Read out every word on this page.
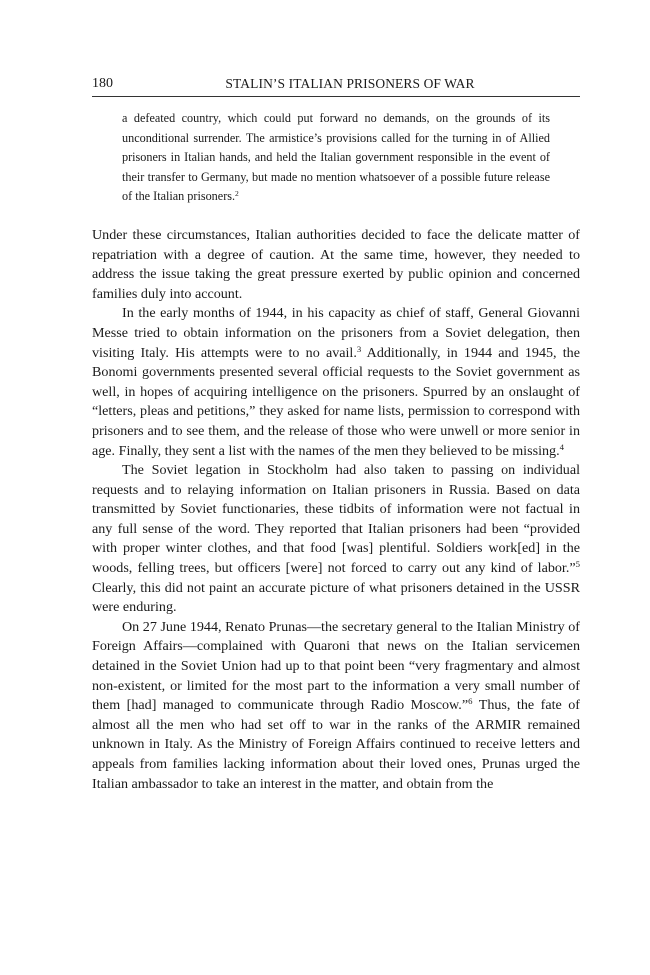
180	STALIN’S ITALIAN PRISONERS OF WAR
a defeated country, which could put forward no demands, on the grounds of its unconditional surrender. The armistice’s provisions called for the turning in of Allied prisoners in Italian hands, and held the Italian government responsible in the event of their transfer to Germany, but made no mention whatsoever of a possible future release of the Italian prisoners.$^2$

Under these circumstances, Italian authorities decided to face the delicate matter of repatriation with a degree of caution. At the same time, however, they needed to address the issue taking the great pressure exerted by public opinion and concerned families duly into account.

In the early months of 1944, in his capacity as chief of staff, General Giovanni Messe tried to obtain information on the prisoners from a Soviet delegation, then visiting Italy. His attempts were to no avail.$^3$ Additionally, in 1944 and 1945, the Bonomi governments presented several official requests to the Soviet government as well, in hopes of acquiring intelligence on the prisoners. Spurred by an onslaught of “letters, pleas and petitions,” they asked for name lists, permission to correspond with prisoners and to see them, and the release of those who were unwell or more senior in age. Finally, they sent a list with the names of the men they believed to be missing.$^4$

The Soviet legation in Stockholm had also taken to passing on individual requests and to relaying information on Italian prisoners in Russia. Based on data transmitted by Soviet functionaries, these tidbits of information were not factual in any full sense of the word. They reported that Italian prisoners had been “provided with proper winter clothes, and that food [was] plentiful. Soldiers work[ed] in the woods, felling trees, but officers [were] not forced to carry out any kind of labor.”$^5$ Clearly, this did not paint an accurate picture of what prisoners detained in the USSR were enduring.

On 27 June 1944, Renato Prunas—the secretary general to the Italian Ministry of Foreign Affairs—complained with Quaroni that news on the Italian servicemen detained in the Soviet Union had up to that point been “very fragmentary and almost non-existent, or limited for the most part to the information a very small number of them [had] managed to communicate through Radio Moscow.”$^6$ Thus, the fate of almost all the men who had set off to war in the ranks of the ARMIR remained unknown in Italy. As the Ministry of Foreign Affairs continued to receive letters and appeals from families lacking information about their loved ones, Prunas urged the Italian ambassador to take an interest in the matter, and obtain from the
